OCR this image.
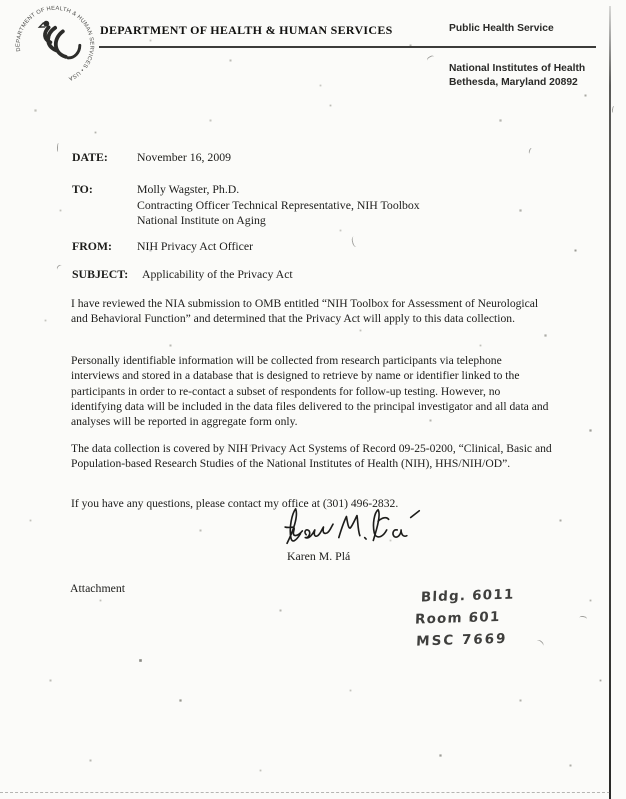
DEPARTMENT OF HEALTH & HUMAN SERVICES • USA
DEPARTMENT OF HEALTH & HUMAN SERVICES	Public Health Service
National Institutes of Health
Bethesda, Maryland 20892
DATE: November 16, 2009
TO:	Molly Wagster, Ph.D.
Contracting Officer Technical Representative, NIH Toolbox
National Institute on Aging
FROM: NIH Privacy Act Officer
SUBJECT: Applicability of the Privacy Act
I have reviewed the NIA submission to OMB entitled “NIH Toolbox for Assessment of Neurological and Behavioral Function” and determined that the Privacy Act will apply to this data collection.
Personally identifiable information will be collected from research participants via telephone interviews and stored in a database that is designed to retrieve by name or identifier linked to the participants in order to re-contact a subset of respondents for follow-up testing. However, no identifying data will be included in the data files delivered to the principal investigator and all data and analyses will be reported in aggregate form only.
The data collection is covered by NIH Privacy Act Systems of Record 09-25-0200, “Clinical, Basic and Population-based Research Studies of the National Institutes of Health (NIH), HHS/NIH/OD”.
If you have any questions, please contact my office at (301) 496-2832.
Karen M. Plá
Attachment	Bldg. 6011
Room 601
MSC 7669
